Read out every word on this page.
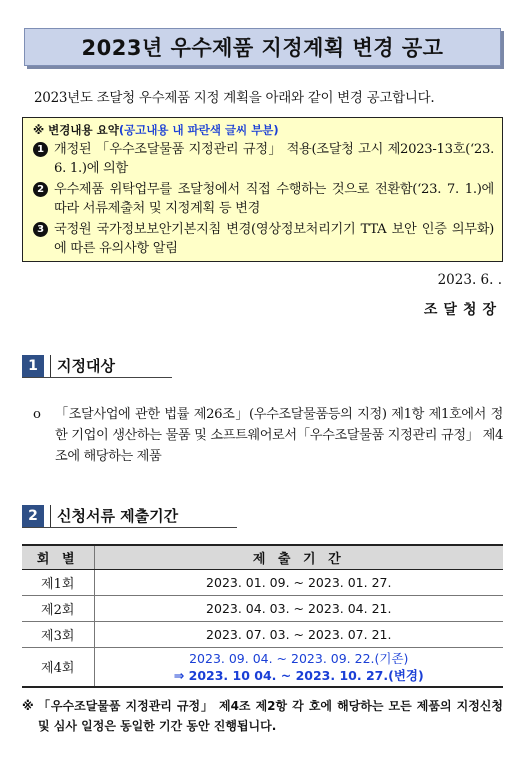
2023년 우수제품 지정계획 변경 공고
2023년도 조달청 우수제품 지정 계획을 아래와 같이 변경 공고합니다.
※ 변경내용 요약(공고내용 내 파란색 글씨 부분)
1 개정된 「우수조달물품 지정관리 규정」 적용(조달청 고시 제2023-13호(‘23. 6. 1.)에 의함
2 우수제품 위탁업무를 조달청에서 직접 수행하는 것으로 전환함(‘23. 7. 1.)에 따라 서류제출처 및 지정계획 등 변경
3 국정원 국가정보보안기본지침 변경(영상정보처리기기 TTA 보안 인증 의무화)에 따른 유의사항 알림
2023. 6. .
조달청장
1	지정대상
o	「조달사업에 관한 법률 제26조」(우수조달물품등의 지정) 제1항 제1호에서 정한 기업이 생산하는 물품 및 소프트웨어로서「우수조달물품 지정관리 규정」 제4조에 해당하는 제품
2	신청서류 제출기간
회 별	제 출 기 간
제1회	2023. 01. 09. ~ 2023. 01. 27.
제2회	2023. 04. 03. ~ 2023. 04. 21.
제3회	2023. 07. 03. ~ 2023. 07. 21.
제4회	2023. 09. 04. ~ 2023. 09. 22.(기존)
⇒ 2023. 10 04. ~ 2023. 10. 27.(변경)
※ 「우수조달물품 지정관리 규정」 제4조 제2항 각 호에 해당하는 모든 제품의 지정신청 및 심사 일정은 동일한 기간 동안 진행됩니다.
